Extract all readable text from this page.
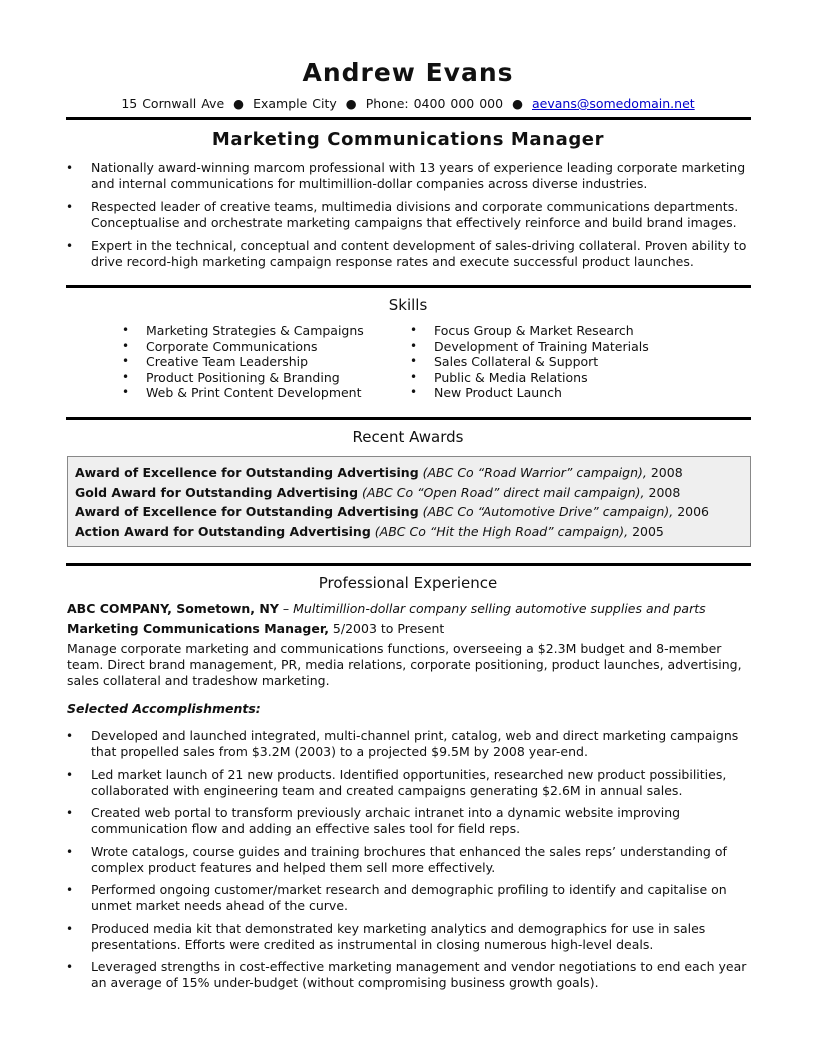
Andrew Evans
15 Cornwall Ave ● Example City ● Phone: 0400 000 000 ● aevans@somedomain.net
Marketing Communications Manager
• Nationally award-winning marcom professional with 13 years of experience leading corporate marketing and internal communications for multimillion-dollar companies across diverse industries.
• Respected leader of creative teams, multimedia divisions and corporate communications departments. Conceptualise and orchestrate marketing campaigns that effectively reinforce and build brand images.
• Expert in the technical, conceptual and content development of sales-driving collateral. Proven ability to drive record-high marketing campaign response rates and execute successful product launches.
Skills
• Marketing Strategies & Campaigns
• Corporate Communications
• Creative Team Leadership
• Product Positioning & Branding
• Web & Print Content Development
• Focus Group & Market Research
• Development of Training Materials
• Sales Collateral & Support
• Public & Media Relations
• New Product Launch
Recent Awards
Award of Excellence for Outstanding Advertising (ABC Co “Road Warrior” campaign), 2008
Gold Award for Outstanding Advertising (ABC Co “Open Road” direct mail campaign), 2008
Award of Excellence for Outstanding Advertising (ABC Co “Automotive Drive” campaign), 2006
Action Award for Outstanding Advertising (ABC Co “Hit the High Road” campaign), 2005
Professional Experience
ABC COMPANY, Sometown, NY – Multimillion-dollar company selling automotive supplies and parts
Marketing Communications Manager, 5/2003 to Present
Manage corporate marketing and communications functions, overseeing a $2.3M budget and 8-member team. Direct brand management, PR, media relations, corporate positioning, product launches, advertising, sales collateral and tradeshow marketing.
Selected Accomplishments:
• Developed and launched integrated, multi-channel print, catalog, web and direct marketing campaigns that propelled sales from $3.2M (2003) to a projected $9.5M by 2008 year-end.
• Led market launch of 21 new products. Identified opportunities, researched new product possibilities, collaborated with engineering team and created campaigns generating $2.6M in annual sales.
• Created web portal to transform previously archaic intranet into a dynamic website improving communication flow and adding an effective sales tool for field reps.
• Wrote catalogs, course guides and training brochures that enhanced the sales reps’ understanding of complex product features and helped them sell more effectively.
• Performed ongoing customer/market research and demographic profiling to identify and capitalise on unmet market needs ahead of the curve.
• Produced media kit that demonstrated key marketing analytics and demographics for use in sales presentations. Efforts were credited as instrumental in closing numerous high-level deals.
• Leveraged strengths in cost-effective marketing management and vendor negotiations to end each year an average of 15% under-budget (without compromising business growth goals).
